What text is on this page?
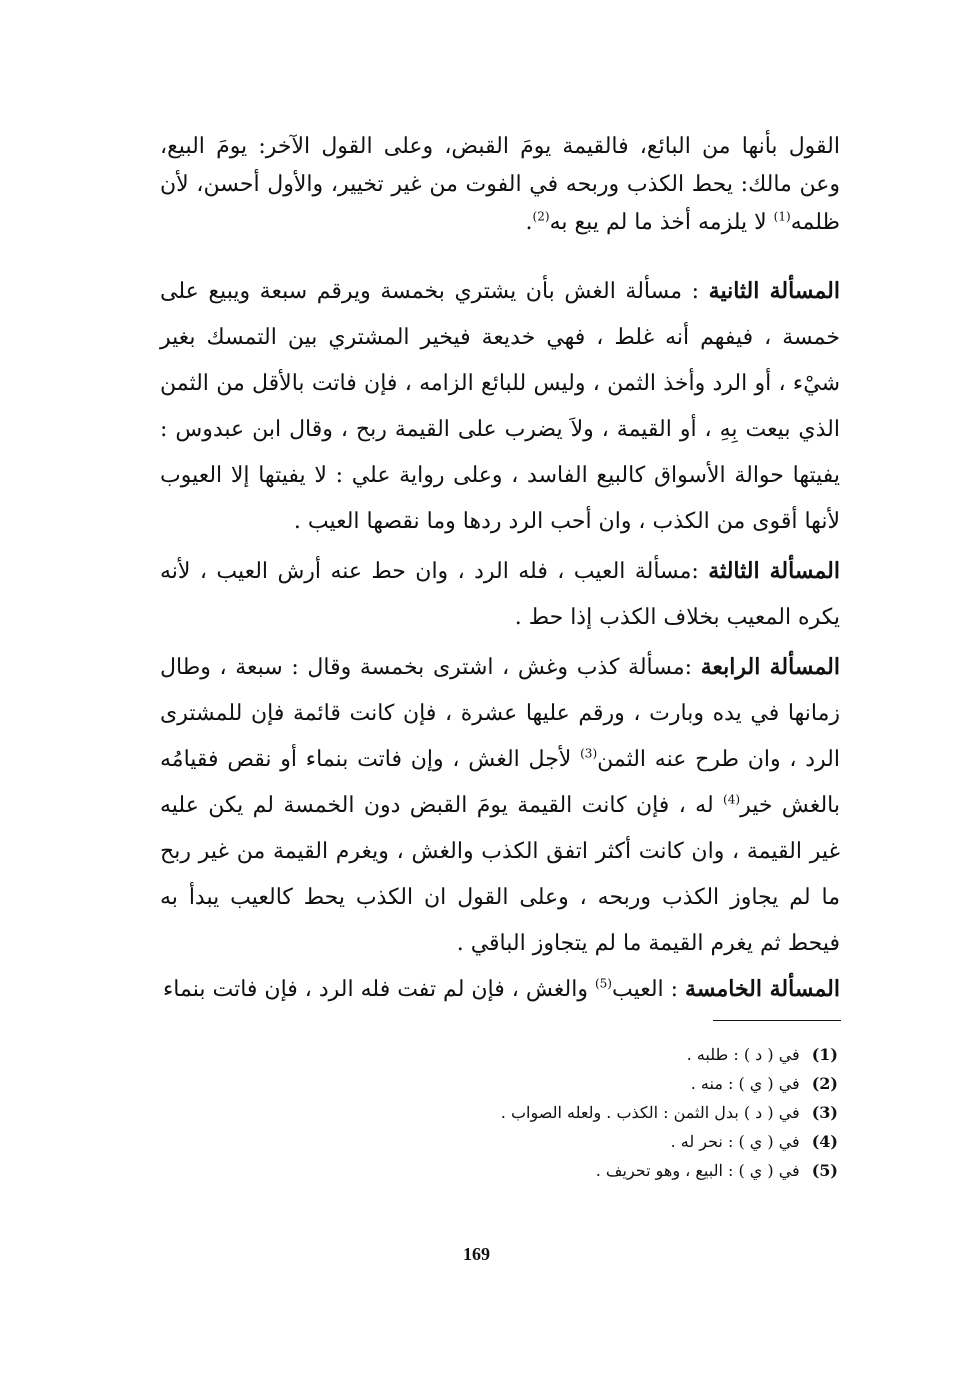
القول بأنها من البائع، فالقيمة يومَ القبض، وعلى القول الآخر: يومَ البيع، وعن مالك: يحط الكذب وربحه في الفوت من غير تخيير، والأول أحسن، لأن ظلمه$^{(1)}$ لا يلزمه أخذ ما لم يبع به$^{(2)}$.

المسألة الثانية : مسألة الغش بأن يشتري بخمسة ويرقم سبعة ويبيع على خمسة ، فيفهم أنه غلط ، فهي خديعة فيخير المشتري بين التمسك بغير شيْء ، أو الرد وأخذ الثمن ، وليس للبائع الزامه ، فإن فاتت بالأقل من الثمن الذي بيعت بِهِ ، أو القيمة ، ولاَ يضرب على القيمة ربح ، وقال ابن عبدوس : يفيتها حوالة الأسواق كالبيع الفاسد ، وعلى رواية علي : لا يفيتها إلا العيوب لأنها أقوى من الكذب ، وان أحب الرد ردها وما نقصها العيب .

المسألة الثالثة :مسألة العيب ، فله الرد ، وان حط عنه أرش العيب ، لأنه يكره المعيب بخلاف الكذب إذا حط .

المسألة الرابعة :مسألة كذب وغش ، اشترى بخمسة وقال : سبعة ، وطال زمانها في يده وبارت ، ورقم عليها عشرة ، فإن كانت قائمة فإن للمشترى الرد ، وان طرح عنه الثمن$^{(3)}$ لأجل الغش ، وإن فاتت بنماء أو نقص فقيامُه بالغش خير$^{(4)}$ له ، فإن كانت القيمة يومَ القبض دون الخمسة لم يكن عليه غير القيمة ، وان كانت أكثر اتفق الكذب والغش ، ويغرم القيمة من غير ربح ما لم يجاوز الكذب وربحه ، وعلى القول ان الكذب يحط كالعيب يبدأ به فيحط ثم يغرم القيمة ما لم يتجاوز الباقي .

المسألة الخامسة : العيب$^{(5)}$ والغش ، فإن لم تفت فله الرد ، فإن فاتت بنماء

(1)في ( د ) : طلبه .
(2)في ( ي ) : منه .
(3)في ( د ) بدل الثمن : الكذب . ولعله الصواب .
(4)في ( ي ) : نحر له .
(5)في ( ي ) : البيع ، وهو تحريف .
169
